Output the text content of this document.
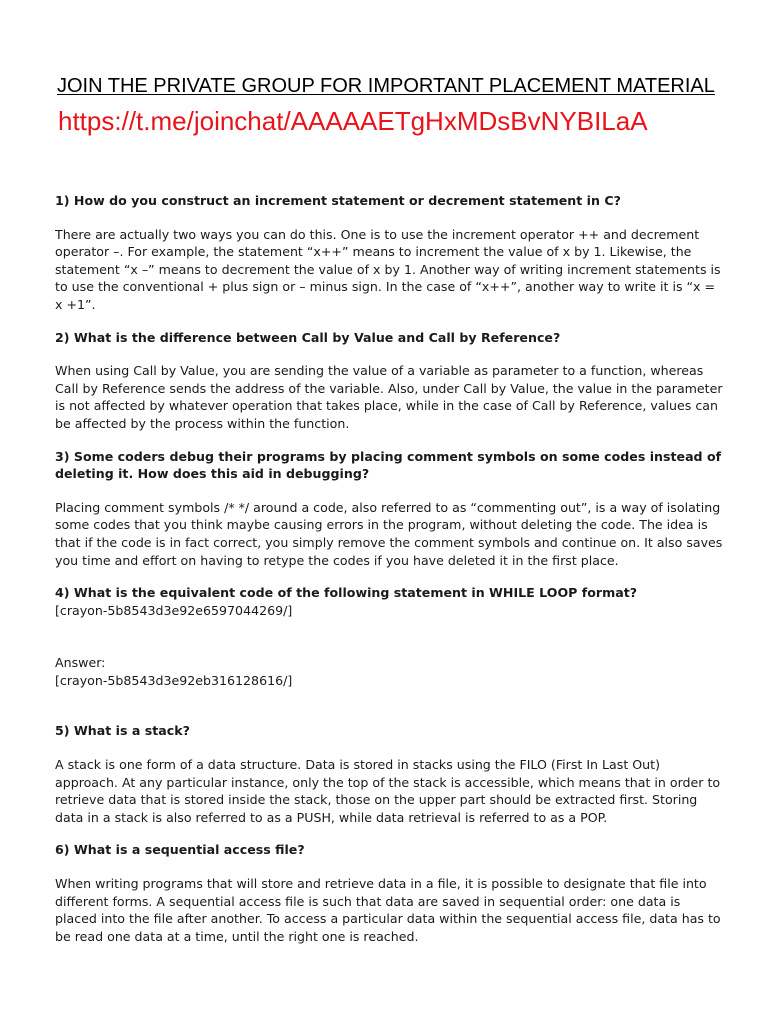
JOIN THE PRIVATE GROUP FOR IMPORTANT PLACEMENT MATERIAL
https://t.me/joinchat/AAAAAETgHxMDsBvNYBILaA
1) How do you construct an increment statement or decrement statement in C?
There are actually two ways you can do this. One is to use the increment operator ++ and decrement operator –. For example, the statement “x++” means to increment the value of x by 1. Likewise, the statement “x –” means to decrement the value of x by 1. Another way of writing increment statements is to use the conventional + plus sign or – minus sign. In the case of “x++”, another way to write it is “x = x +1”.
2) What is the difference between Call by Value and Call by Reference?
When using Call by Value, you are sending the value of a variable as parameter to a function, whereas Call by Reference sends the address of the variable. Also, under Call by Value, the value in the parameter is not affected by whatever operation that takes place, while in the case of Call by Reference, values can be affected by the process within the function.
3) Some coders debug their programs by placing comment symbols on some codes instead of deleting it. How does this aid in debugging?
Placing comment symbols /* */ around a code, also referred to as “commenting out”, is a way of isolating some codes that you think maybe causing errors in the program, without deleting the code. The idea is that if the code is in fact correct, you simply remove the comment symbols and continue on. It also saves you time and effort on having to retype the codes if you have deleted it in the first place.
4) What is the equivalent code of the following statement in WHILE LOOP format?
[crayon-5b8543d3e92e6597044269/]
Answer:
[crayon-5b8543d3e92eb316128616/]
5) What is a stack?
A stack is one form of a data structure. Data is stored in stacks using the FILO (First In Last Out) approach. At any particular instance, only the top of the stack is accessible, which means that in order to retrieve data that is stored inside the stack, those on the upper part should be extracted first. Storing data in a stack is also referred to as a PUSH, while data retrieval is referred to as a POP.
6) What is a sequential access file?
When writing programs that will store and retrieve data in a file, it is possible to designate that file into different forms. A sequential access file is such that data are saved in sequential order: one data is placed into the file after another. To access a particular data within the sequential access file, data has to be read one data at a time, until the right one is reached.
